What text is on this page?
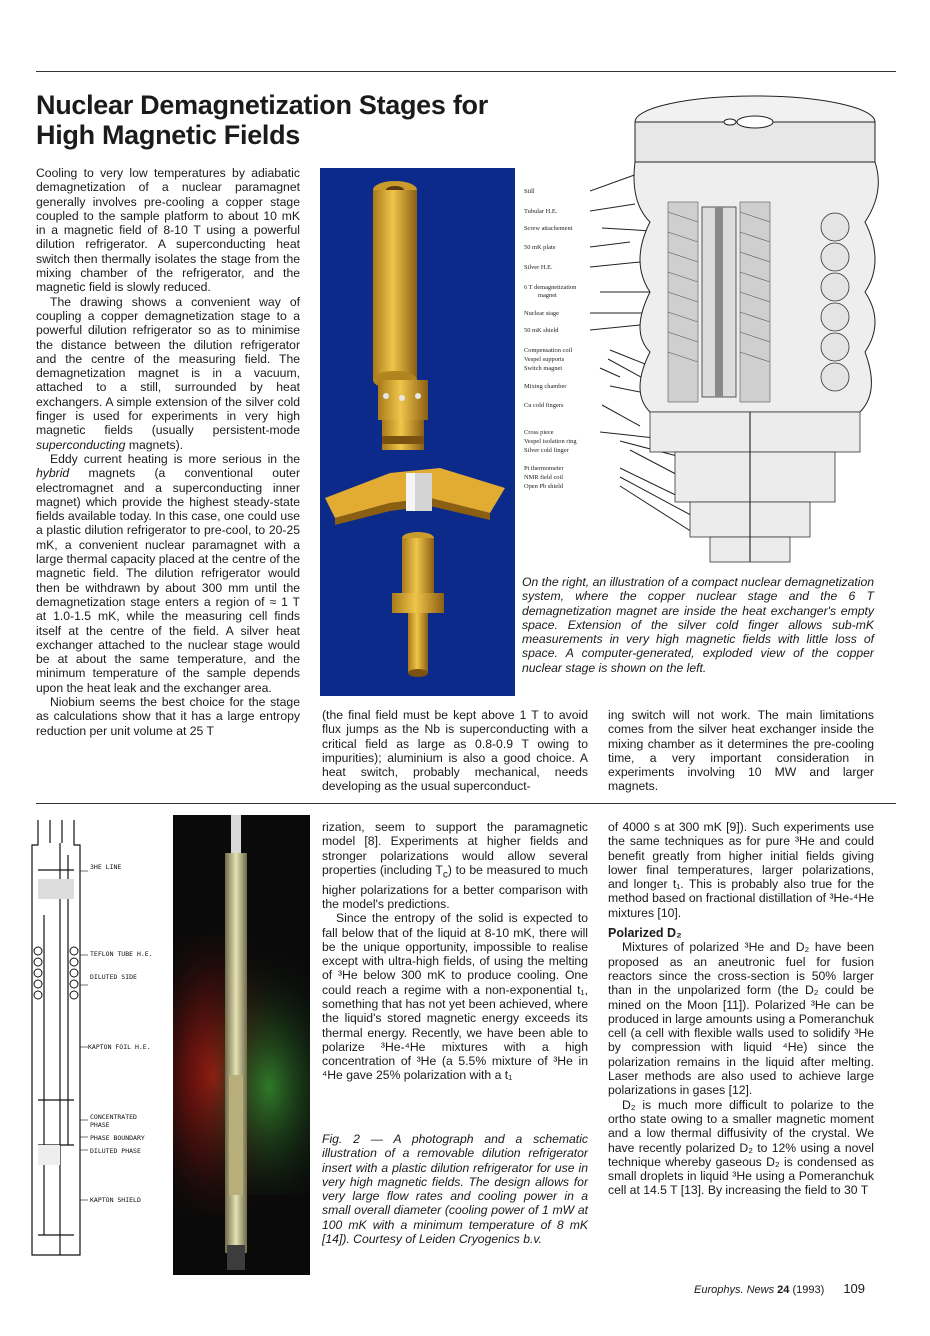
Nuclear Demagnetization Stages for
High Magnetic Fields

Cooling to very low temperatures by adiabatic demagnetization of a nuclear paramagnet generally involves pre-cooling a copper stage coupled to the sample platform to about 10 mK in a magnetic field of 8-10 T using a powerful dilution refrigerator. A superconducting heat switch then thermally isolates the stage from the mixing chamber of the refrigerator, and the magnetic field is slowly reduced.

The drawing shows a convenient way of coupling a copper demagnetization stage to a powerful dilution refrigerator so as to minimise the distance between the dilution refrigerator and the centre of the measuring field. The demagnetization magnet is in a vacuum, attached to a still, surrounded by heat exchangers. A simple extension of the silver cold finger is used for experiments in very high magnetic fields (usually persistent-mode superconducting magnets).

Eddy current heating is more serious in the hybrid magnets (a conventional outer electromagnet and a superconducting inner magnet) which provide the highest steady-state fields available today. In this case, one could use a plastic dilution refrigerator to pre-cool, to 20-25 mK, a convenient nuclear paramagnet with a large thermal capacity placed at the centre of the magnetic field. The dilution refrigerator would then be withdrawn by about 300 mm until the demagnetization stage enters a region of ≈ 1 T at 1.0-1.5 mK, while the measuring cell finds itself at the centre of the field. A silver heat exchanger attached to the nuclear stage would be at about the same temperature, and the minimum temperature of the sample depends upon the heat leak and the exchanger area.

Niobium seems the best choice for the stage as calculations show that it has a large entropy reduction per unit volume at 25 T

Still
Tubular H.E.
Screw attachement
50 mK plate
Silver H.E.
6 T demagnetization
magnet
Nuclear stage
50 mK shield
Compensation coil
Vespel supports
Switch magnet
Mixing chamber
Cu cold fingers
Cross piece
Vespel isolation ring
Silver cold finger
Pt thermometer
NMR field coil
Open Pb shield
On the right, an illustration of a compact nuclear demagnetization system, where the copper nuclear stage and the 6 T demagnetization magnet are inside the heat exchanger's empty space. Extension of the silver cold finger allows sub-mK measurements in very high magnetic fields with little loss of space. A computer-generated, exploded view of the copper nuclear stage is shown on the left.

(the final field must be kept above 1 T to avoid flux jumps as the Nb is superconducting with a critical field as large as 0.8-0.9 T owing to impurities); aluminium is also a good choice. A heat switch, probably mechanical, needs developing as the usual superconduct-

ing switch will not work. The main limitations comes from the silver heat exchanger inside the mixing chamber as it determines the pre-cooling time, a very important consideration in experiments involving 10 MW and larger magnets.

3HE LINE
TEFLON TUBE H.E.
DILUTED SIDE
KAPTON FOIL H.E.
CONCENTRATED
PHASE
PHASE BOUNDARY
DILUTED PHASE
KAPTON SHIELD

rization, seem to support the paramagnetic model [8]. Experiments at higher fields and stronger polarizations would allow several properties (including $T_c$) to be measured to much higher polarizations for a better comparison with the model's predictions.

Since the entropy of the solid is expected to fall below that of the liquid at 8-10 mK, there will be the unique opportunity, impossible to realise except with ultra-high fields, of using the melting of ³He below 300 mK to produce cooling. One could reach a regime with a non-exponential t₁, something that has not yet been achieved, where the liquid's stored magnetic energy exceeds its thermal energy. Recently, we have been able to polarize ³He-⁴He mixtures with a high concentration of ³He (a 5.5% mixture of ³He in ⁴He gave 25% polarization with a t₁

Fig. 2 — A photograph and a schematic illustration of a removable dilution refrigerator insert with a plastic dilution refrigerator for use in very high magnetic fields. The design allows for very large flow rates and cooling power in a small overall diameter (cooling power of 1 mW at 100 mK with a minimum temperature of 8 mK [14]). Courtesy of Leiden Cryogenics b.v.

of 4000 s at 300 mK [9]). Such experiments use the same techniques as for pure ³He and could benefit greatly from higher initial fields giving lower final temperatures, larger polarizations, and longer t₁. This is probably also true for the method based on fractional distillation of ³He-⁴He mixtures [10].

Polarized D₂

Mixtures of polarized ³He and D₂ have been proposed as an aneutronic fuel for fusion reactors since the cross-section is 50% larger than in the unpolarized form (the D₂ could be mined on the Moon [11]). Polarized ³He can be produced in large amounts using a Pomeranchuk cell (a cell with flexible walls used to solidify ³He by compression with liquid ⁴He) since the polarization remains in the liquid after melting. Laser methods are also used to achieve large polarizations in gases [12].

D₂ is much more difficult to polarize to the ortho state owing to a smaller magnetic moment and a low thermal diffusivity of the crystal. We have recently polarized D₂ to 12% using a novel technique whereby gaseous D₂ is condensed as small droplets in liquid ³He using a Pomeranchuk cell at 14.5 T [13]. By increasing the field to 30 T

Europhys. News 24 (1993) 109
